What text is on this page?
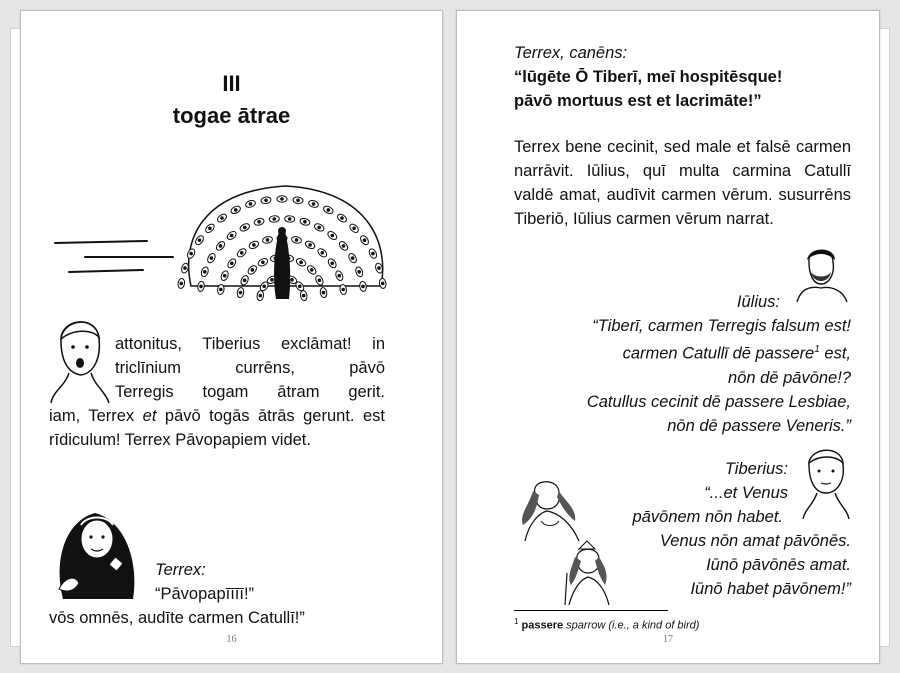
III
togae ātrae
attonitus, Tiberius exclāmat! in
triclīnium currēns, pāvō
Terregis togam ātram gerit.
iam, Terrex et pāvō togās ātrās gerunt. est rīdiculum! Terrex Pāvopapiem videt.
Terrex:
“Pāvopapīīīī!”
vōs omnēs, audīte carmen Catullī!”
16
Terrex, canēns:
“lūgēte Ō Tiberī, meī hospitēsque!
pāvō mortuus est et lacrimāte!”
Terrex bene cecinit, sed male et falsē carmen narrāvit. Iūlius, quī multa carmina Catullī valdē amat, audīvit carmen vērum. susurrēns Tiberiō, Iūlius carmen vērum narrat.
Iūlius:
“Tiberī, carmen Terregis falsum est!
carmen Catullī dē passere$^1$ est,
nōn dē pāvōne!?
Catullus cecinit dē passere Lesbiae,
nōn dē passere Veneris.”
Tiberius:
“...et Venus
pāvōnem nōn habet.
Venus nōn amat pāvōnēs.
Iūnō pāvōnēs amat.
Iūnō habet pāvōnem!”
$^1$ passere sparrow (i.e., a kind of bird)
17
